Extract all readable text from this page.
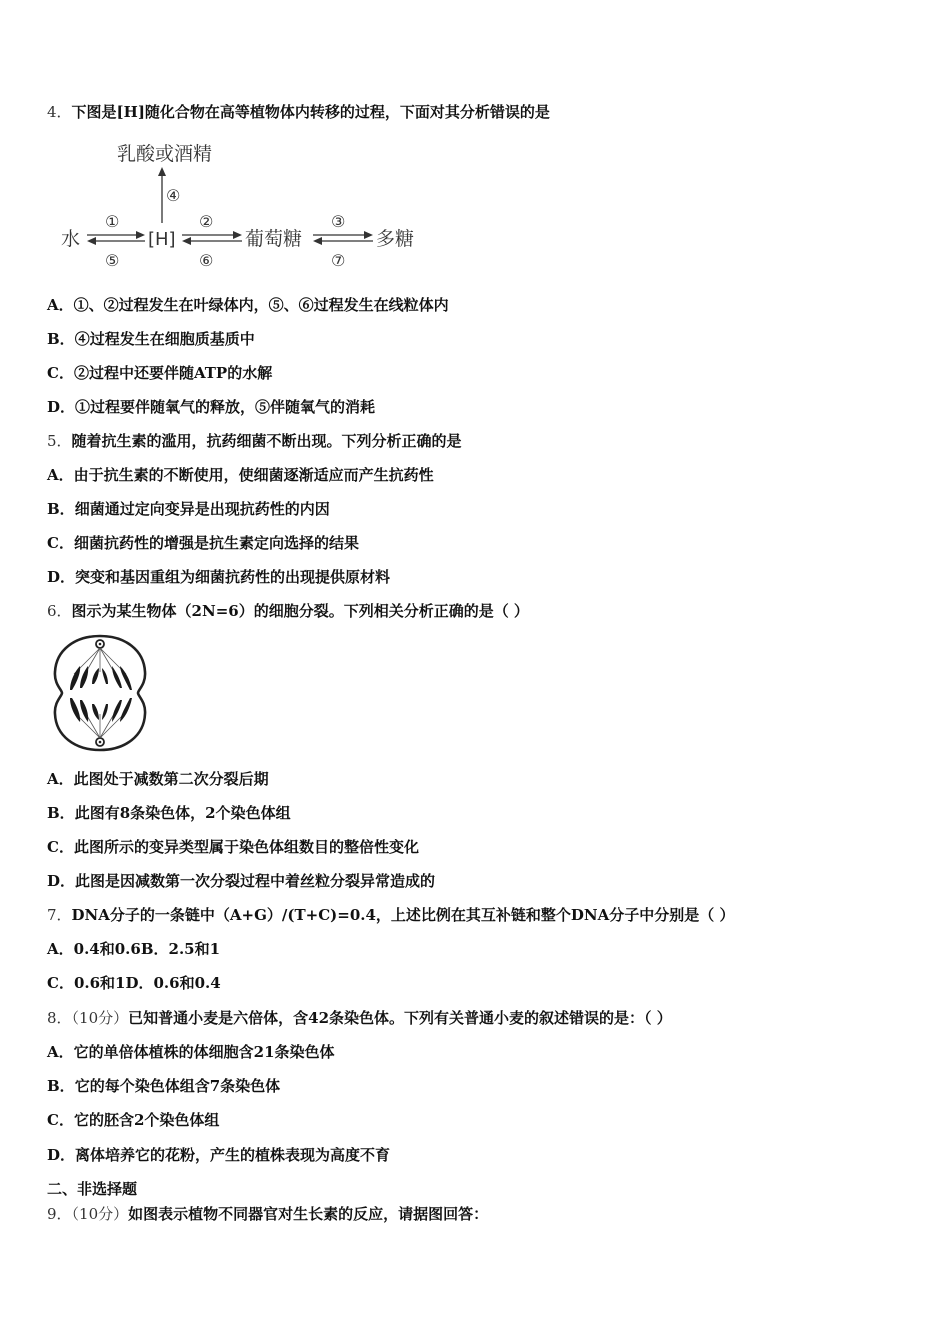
4．下图是[H]随化合物在高等植物体内转移的过程，下面对其分析错误的是
乳酸或酒精
④
水
①
⑤
[H]
②
⑥
葡萄糖
③
⑦
多糖
A．①、②过程发生在叶绿体内，⑤、⑥过程发生在线粒体内
B．④过程发生在细胞质基质中
C．②过程中还要伴随ATP的水解
D．①过程要伴随氧气的释放，⑤伴随氧气的消耗
5．随着抗生素的滥用，抗药细菌不断出现。下列分析正确的是
A．由于抗生素的不断使用，使细菌逐渐适应而产生抗药性
B．细菌通过定向变异是出现抗药性的内因
C．细菌抗药性的增强是抗生素定向选择的结果
D．突变和基因重组为细菌抗药性的出现提供原材料
6．图示为某生物体（2N=6）的细胞分裂。下列相关分析正确的是（ ）
A．此图处于减数第二次分裂后期
B．此图有8条染色体，2个染色体组
C．此图所示的变异类型属于染色体组数目的整倍性变化
D．此图是因减数第一次分裂过程中着丝粒分裂异常造成的
7．DNA分子的一条链中（A+G）/(T+C)=0.4，上述比例在其互补链和整个DNA分子中分别是（ ）
A．0.4和0.6B．2.5和1
C．0.6和1D．0.6和0.4
8．（10分）已知普通小麦是六倍体，含42条染色体。下列有关普通小麦的叙述错误的是：（ ）
A．它的单倍体植株的体细胞含21条染色体
B．它的每个染色体组含7条染色体
C．它的胚含2个染色体组
D．离体培养它的花粉，产生的植株表现为高度不育
二、非选择题
9．（10分）如图表示植物不同器官对生长素的反应，请据图回答：
